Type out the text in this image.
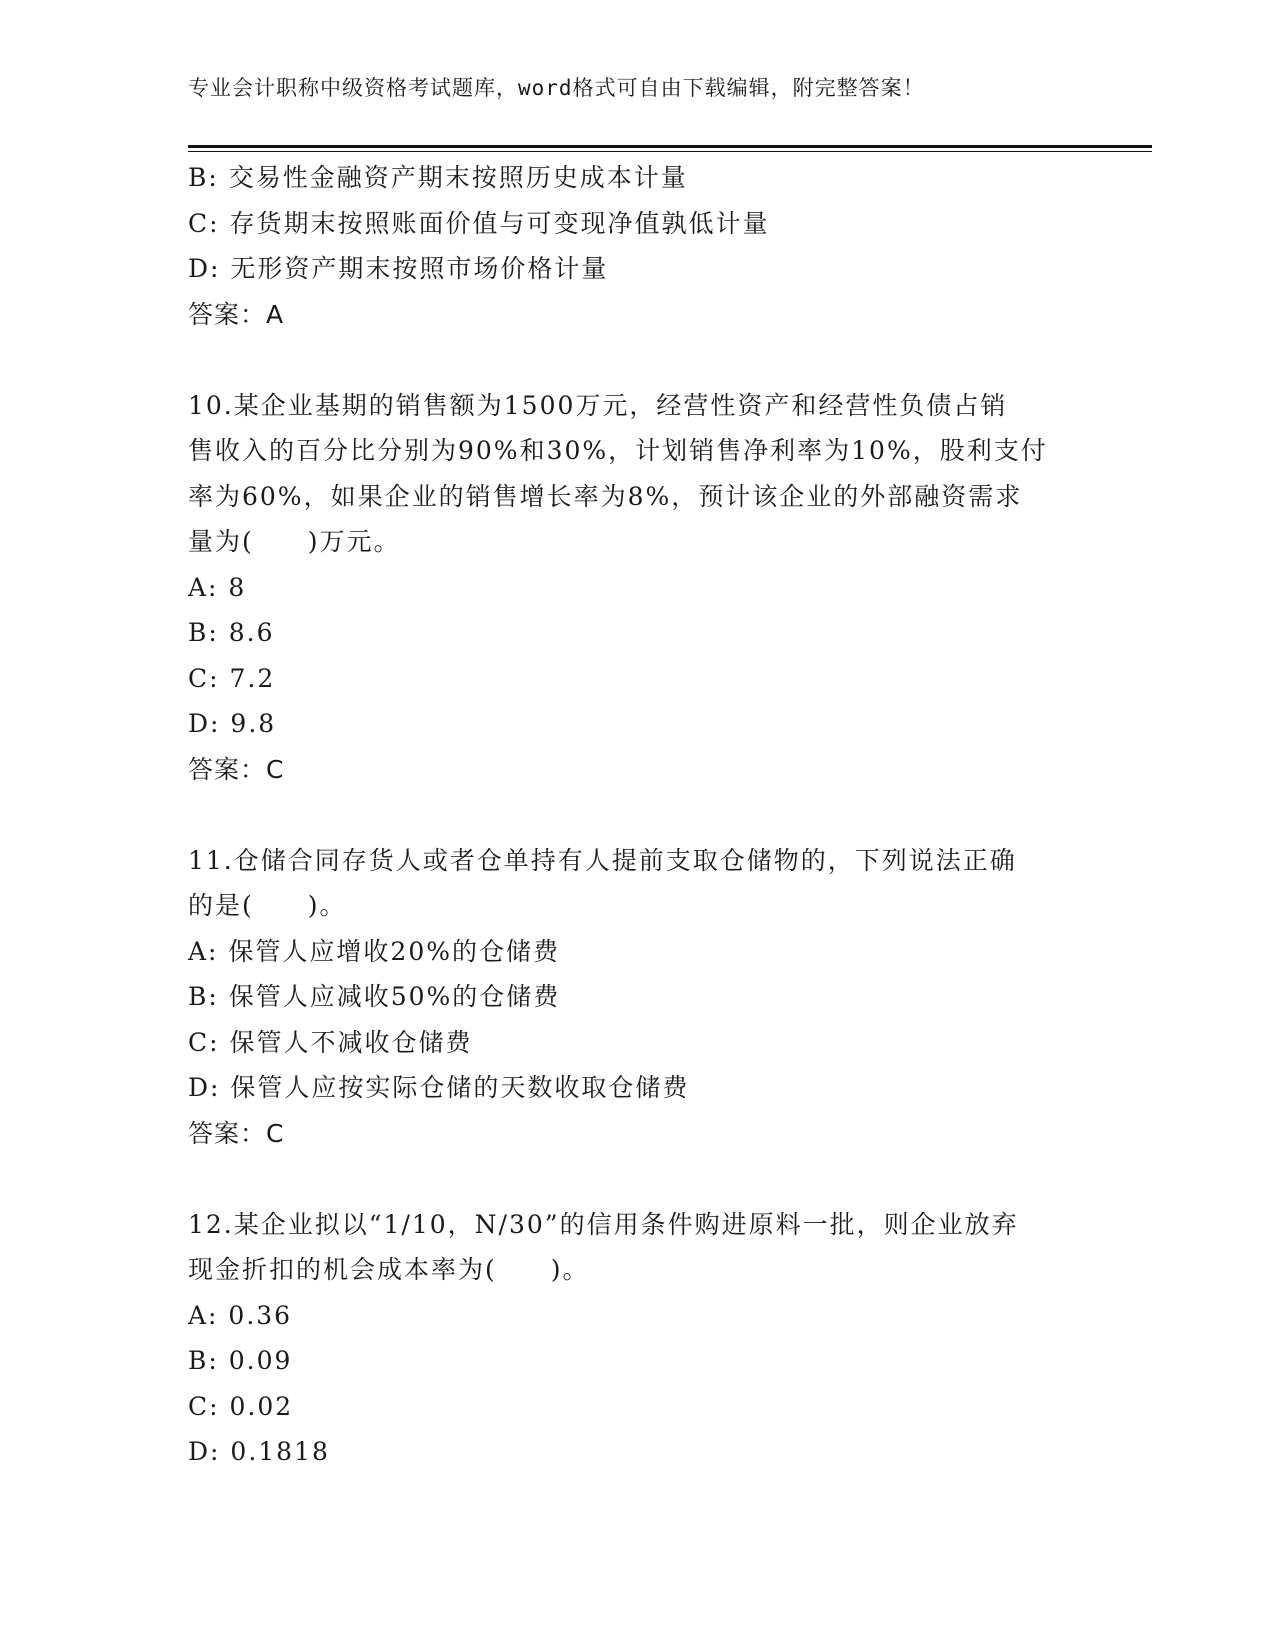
专业会计职称中级资格考试题库，word格式可自由下载编辑，附完整答案！
B: 交易性金融资产期末按照历史成本计量
C: 存货期末按照账面价值与可变现净值孰低计量
D: 无形资产期末按照市场价格计量
答案：A
10.某企业基期的销售额为1500万元，经营性资产和经营性负债占销
售收入的百分比分别为90%和30%，计划销售净利率为10%，股利支付
率为60%，如果企业的销售增长率为8%，预计该企业的外部融资需求
量为(　　)万元。
A: 8
B: 8.6
C: 7.2
D: 9.8
答案：C
11.仓储合同存货人或者仓单持有人提前支取仓储物的，下列说法正确
的是(　　)。
A: 保管人应增收20%的仓储费
B: 保管人应减收50%的仓储费
C: 保管人不减收仓储费
D: 保管人应按实际仓储的天数收取仓储费
答案：C
12.某企业拟以“1/10，N/30”的信用条件购进原料一批，则企业放弃
现金折扣的机会成本率为(　　)。
A: 0.36
B: 0.09
C: 0.02
D: 0.1818
